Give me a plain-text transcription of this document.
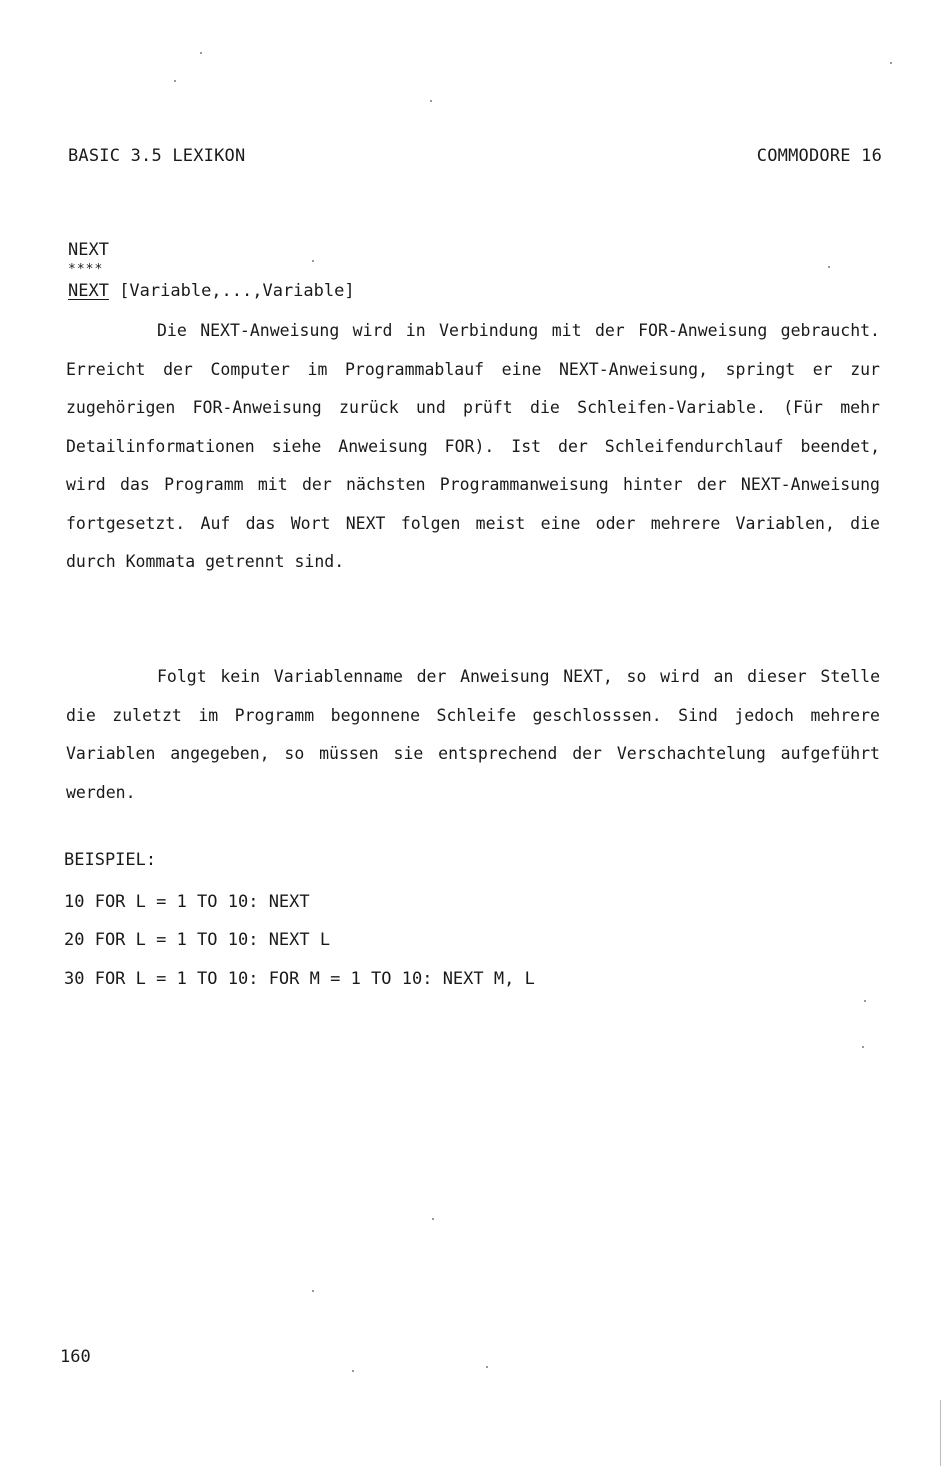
BASIC 3.5 LEXIKON	COMMODORE 16
NEXT
****
NEXT [Variable,...,Variable]
Die NEXT-Anweisung wird in Verbindung mit der FOR-Anweisung gebraucht. Erreicht der Computer im Programmablauf eine NEXT-Anweisung, springt er zur zugehörigen FOR-Anweisung zurück und prüft die Schleifen-Variable. (Für mehr Detailinformationen siehe Anweisung FOR). Ist der Schleifendurchlauf beendet, wird das Programm mit der nächsten Programmanweisung hinter der NEXT-Anweisung fortgesetzt. Auf das Wort NEXT folgen meist eine oder mehrere Variablen, die durch Kommata getrennt sind.
Folgt kein Variablenname der Anweisung NEXT, so wird an dieser Stelle die zuletzt im Programm begonnene Schleife geschlosssen. Sind jedoch mehrere Variablen angegeben, so müssen sie entsprechend der Verschachtelung aufgeführt werden.
BEISPIEL:
10 FOR L = 1 TO 10: NEXT
20 FOR L = 1 TO 10: NEXT L
30 FOR L = 1 TO 10: FOR M = 1 TO 10: NEXT M, L
160
